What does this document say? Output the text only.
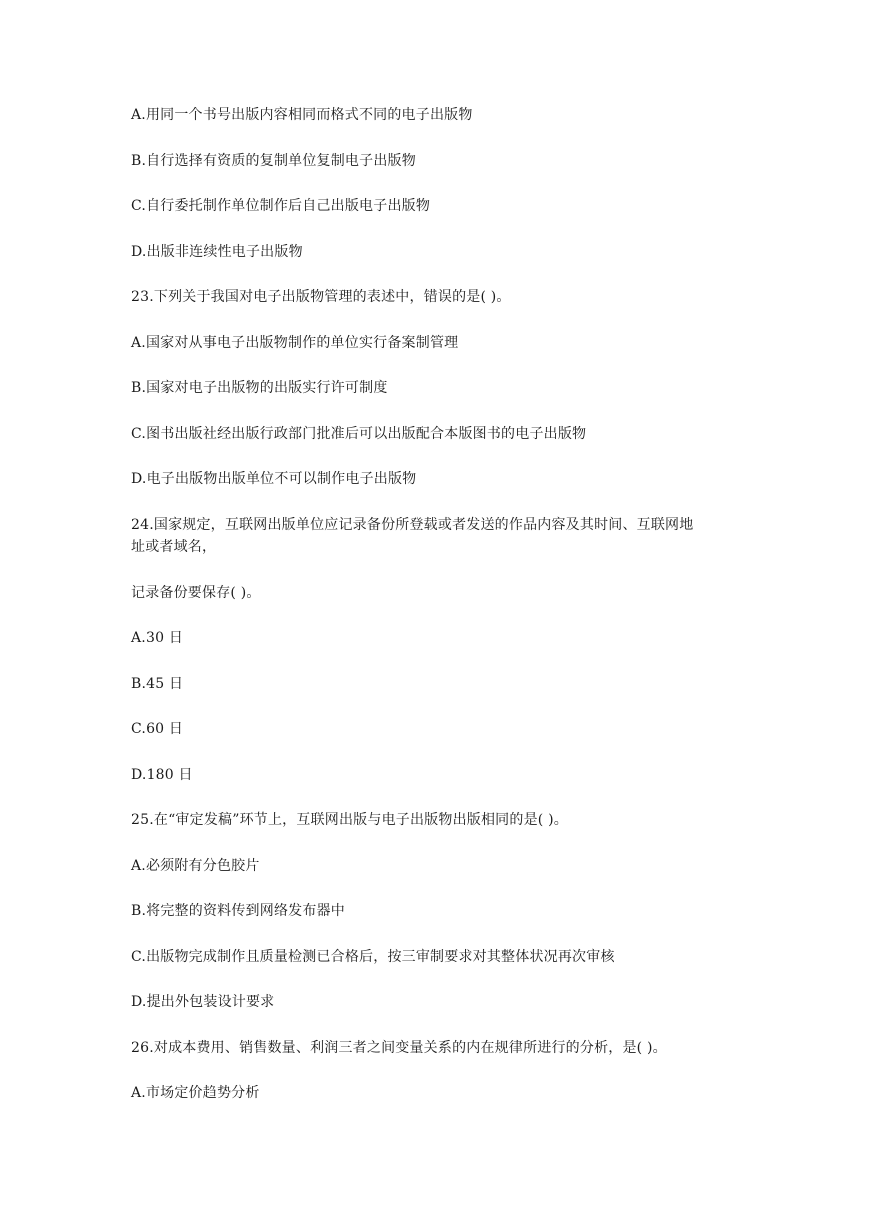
A.用同一个书号出版内容相同而格式不同的电子出版物
B.自行选择有资质的复制单位复制电子出版物
C.自行委托制作单位制作后自己出版电子出版物
D.出版非连续性电子出版物
23.下列关于我国对电子出版物管理的表述中，错误的是( )。
A.国家对从事电子出版物制作的单位实行备案制管理
B.国家对电子出版物的出版实行许可制度
C.图书出版社经出版行政部门批准后可以出版配合本版图书的电子出版物
D.电子出版物出版单位不可以制作电子出版物
24.国家规定，互联网出版单位应记录备份所登载或者发送的作品内容及其时间、互联网地
址或者域名，
记录备份要保存( )。
A.30 日
B.45 日
C.60 日
D.180 日
25.在“审定发稿”环节上，互联网出版与电子出版物出版相同的是( )。
A.必须附有分色胶片
B.将完整的资料传到网络发布器中
C.出版物完成制作且质量检测已合格后，按三审制要求对其整体状况再次审核
D.提出外包装设计要求
26.对成本费用、销售数量、利润三者之间变量关系的内在规律所进行的分析，是( )。
A.市场定价趋势分析
